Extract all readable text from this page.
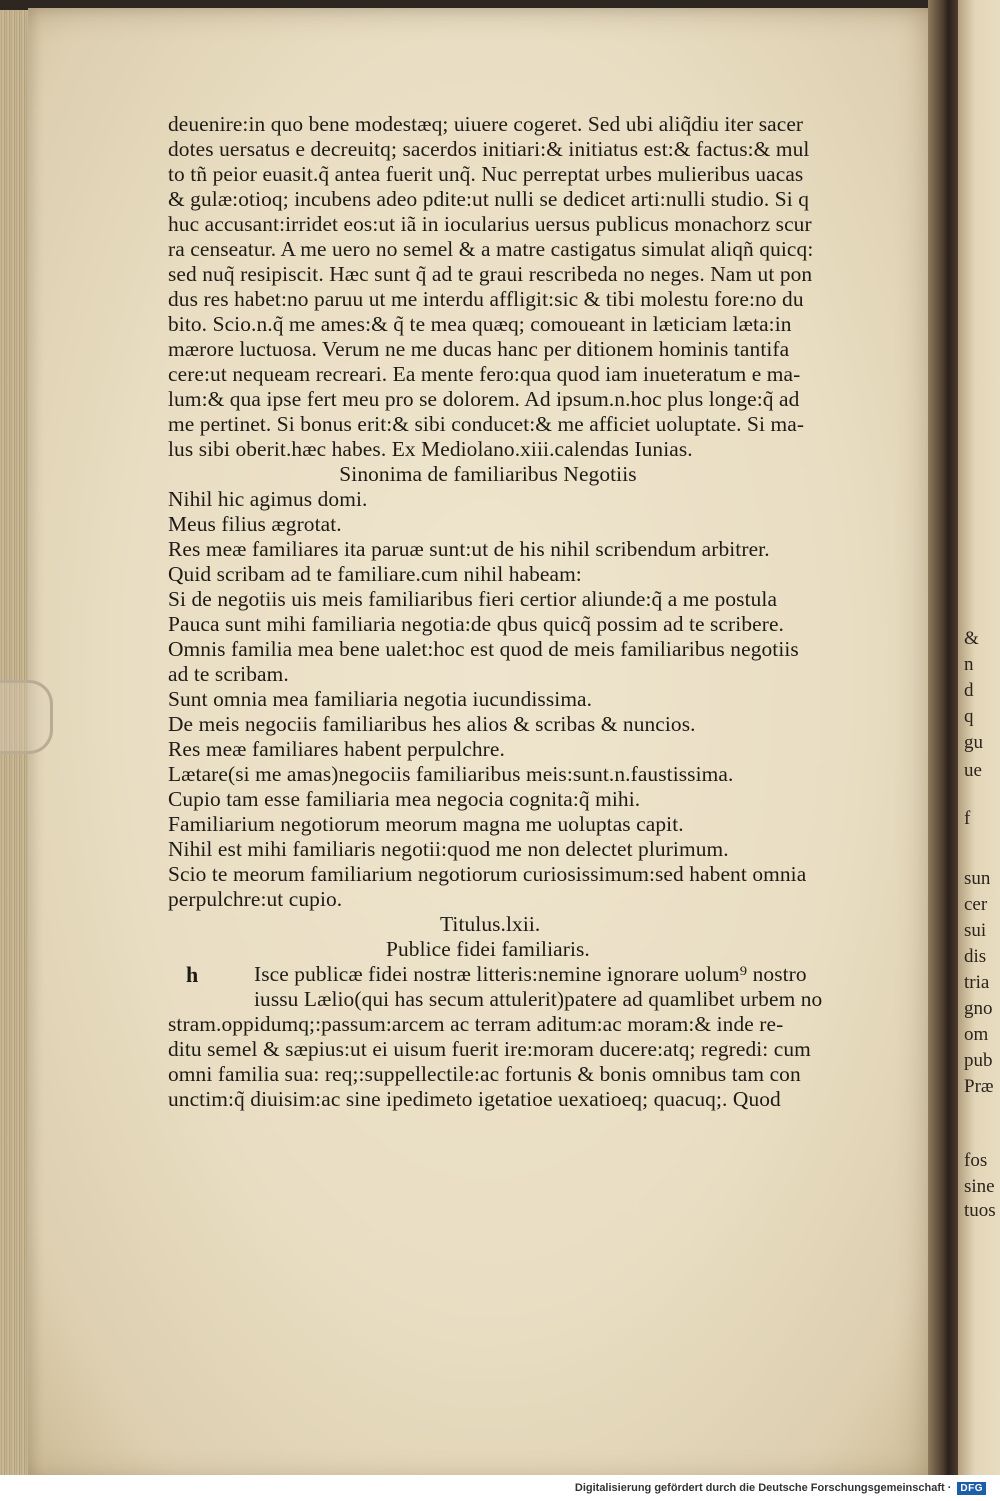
sun
cer
sui
dis
tria
gno
om
pub
Præ
fos
sine
tuos
&
n
d
q
gu
ue
f
deuenire:in quo bene modestæq; uiuere cogeret. Sed ubi aliq̃diu iter sacer
dotes uersatus e decreuitq; sacerdos initiari:& initiatus est:& factus:& mul
to tñ peior euasit.q̃ antea fuerit unq̃. Nuc perreptat urbes mulieribus uacas
& gulæ:otioq; incubens adeo pdite:ut nulli se dedicet arti:nulli studio. Si q
huc accusant:irridet eos:ut iã in iocularius uersus publicus monachorz scur
ra censeatur. A me uero no semel & a matre castigatus simulat aliqñ quicq:
sed nuq̃ resipiscit. Hæc sunt q̃ ad te graui rescribeda no neges. Nam ut pon
dus res habet:no paruu ut me interdu affligit:sic & tibi molestu fore:no du
bito. Scio.n.q̃ me ames:& q̃ te mea quæq; comoueant in læticiam læta:in
mærore luctuosa. Verum ne me ducas hanc per ditionem hominis tantifa
cere:ut nequeam recreari. Ea mente fero:qua quod iam inueteratum e ma-
lum:& qua ipse fert meu pro se dolorem. Ad ipsum.n.hoc plus longe:q̃ ad
me pertinet. Si bonus erit:& sibi conducet:& me afficiet uoluptate. Si ma-
lus sibi oberit.hæc habes. Ex Mediolano.xiii.calendas Iunias.
Sinonima de familiaribus Negotiis
Nihil hic agimus domi.
Meus filius ægrotat.
Res meæ familiares ita paruæ sunt:ut de his nihil scribendum arbitrer.
Quid scribam ad te familiare.cum nihil habeam:
Si de negotiis uis meis familiaribus fieri certior aliunde:q̃ a me postula
Pauca sunt mihi familiaria negotia:de qbus quicq̃ possim ad te scribere.
Omnis familia mea bene ualet:hoc est quod de meis familiaribus negotiis
ad te scribam.
Sunt omnia mea familiaria negotia iucundissima.
De meis negociis familiaribus hes alios & scribas & nuncios.
Res meæ familiares habent perpulchre.
Lætare(si me amas)negociis familiaribus meis:sunt.n.faustissima.
Cupio tam esse familiaria mea negocia cognita:q̃ mihi.
Familiarium negotiorum meorum magna me uoluptas capit.
Nihil est mihi familiaris negotii:quod me non delectet plurimum.
Scio te meorum familiarium negotiorum curiosissimum:sed habent omnia
perpulchre:ut cupio.
Titulus.lxii.
Publice fidei familiaris.
h	Isce publicæ fidei nostræ litteris:nemine ignorare uolum⁹ nostro
iussu Lælio(qui has secum attulerit)patere ad quamlibet urbem no
stram.oppidumq;:passum:arcem ac terram aditum:ac moram:& inde re-
ditu semel & sæpius:ut ei uisum fuerit ire:moram ducere:atq; regredi: cum
omni familia sua: req;:suppellectile:ac fortunis & bonis omnibus tam con
unctim:q̃ diuisim:ac sine ipedimeto igetatioe uexatioeq; quacuq;. Quod
Digitalisierung gefördert durch die Deutsche Forschungsgemeinschaft · DFG
